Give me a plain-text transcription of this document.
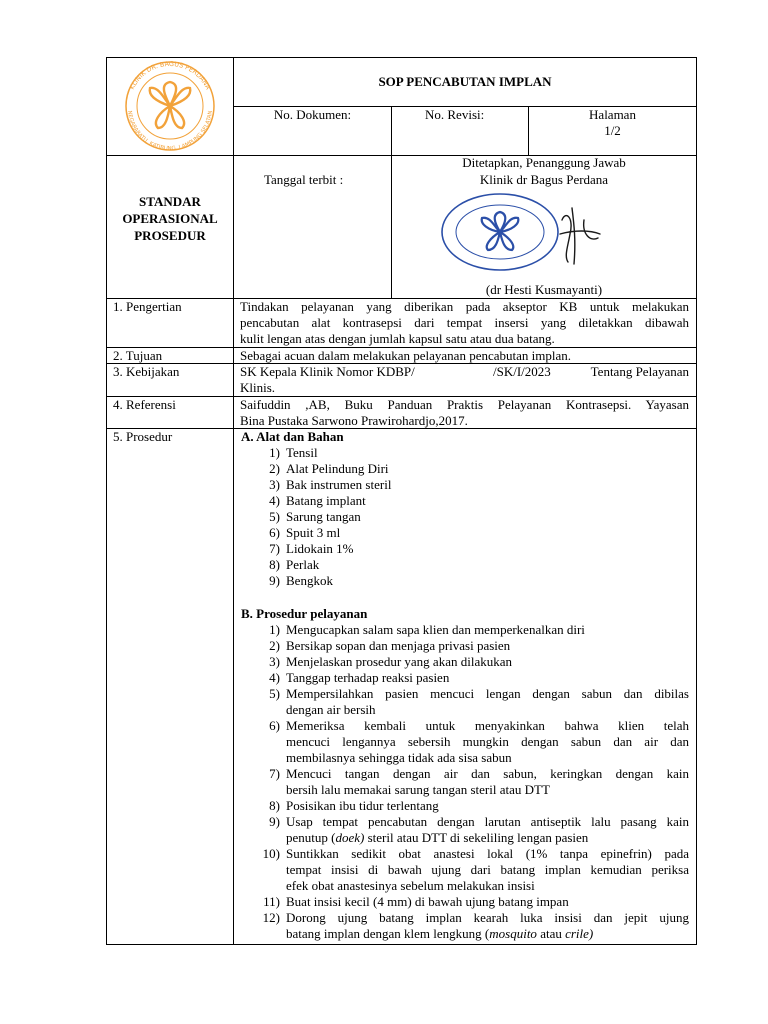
KLINIK DR. BAGUS PERDANA
NEGARARATU, KATIBUNG, LAMPUNG SELATAN
SOP PENCABUTAN IMPLAN
No. Dokumen:	No. Revisi:	Halaman
1/2
STANDAR
OPERASIONAL
PROSEDUR
Tanggal terbit :
Ditetapkan, Penanggung Jawab
Klinik dr Bagus Perdana
(dr Hesti Kusmayanti)
1. Pengertian	Tindakan pelayanan yang diberikan pada akseptor KB untuk melakukan
pencabutan alat kontrasepsi dari tempat insersi yang diletakkan dibawah
kulit lengan atas dengan jumlah kapsul satu atau dua batang.
2. Tujuan	Sebagai acuan dalam melakukan pelayanan pencabutan implan.
3. Kebijakan	SK Kepala Klinik Nomor KDBP/	/SK/I/2023	Tentang Pelayanan
Klinis.
4. Referensi	Saifuddin ,AB, Buku Panduan Praktis Pelayanan Kontrasepsi. Yayasan
Bina Pustaka Sarwono Prawirohardjo,2017.
5. Prosedur	A. Alat dan Bahan
1) Tensil
2) Alat Pelindung Diri
3) Bak instrumen steril
4) Batang implant
5) Sarung tangan
6) Spuit 3 ml
7) Lidokain 1%
8) Perlak
9) Bengkok
B. Prosedur pelayanan
1) Mengucapkan salam sapa klien dan memperkenalkan diri
2) Bersikap sopan dan menjaga privasi pasien
3) Menjelaskan prosedur yang akan dilakukan
4) Tanggap terhadap reaksi pasien
5) Mempersilahkan pasien mencuci lengan dengan sabun dan dibilas
dengan air bersih
6) Memeriksa kembali untuk menyakinkan bahwa klien telah
mencuci lengannya sebersih mungkin dengan sabun dan air dan
membilasnya sehingga tidak ada sisa sabun
7) Mencuci tangan dengan air dan sabun, keringkan dengan kain
bersih lalu memakai sarung tangan steril atau DTT
8) Posisikan ibu tidur terlentang
9) Usap tempat pencabutan dengan larutan antiseptik lalu pasang kain
penutup (doek) steril atau DTT di sekeliling lengan pasien
10) Suntikkan sedikit obat anastesi lokal (1% tanpa epinefrin) pada
tempat insisi di bawah ujung dari batang implan kemudian periksa
efek obat anastesinya sebelum melakukan insisi
11) Buat insisi kecil (4 mm) di bawah ujung batang impan
12) Dorong ujung batang implan kearah luka insisi dan jepit ujung
batang implan dengan klem lengkung (mosquito atau crile)
